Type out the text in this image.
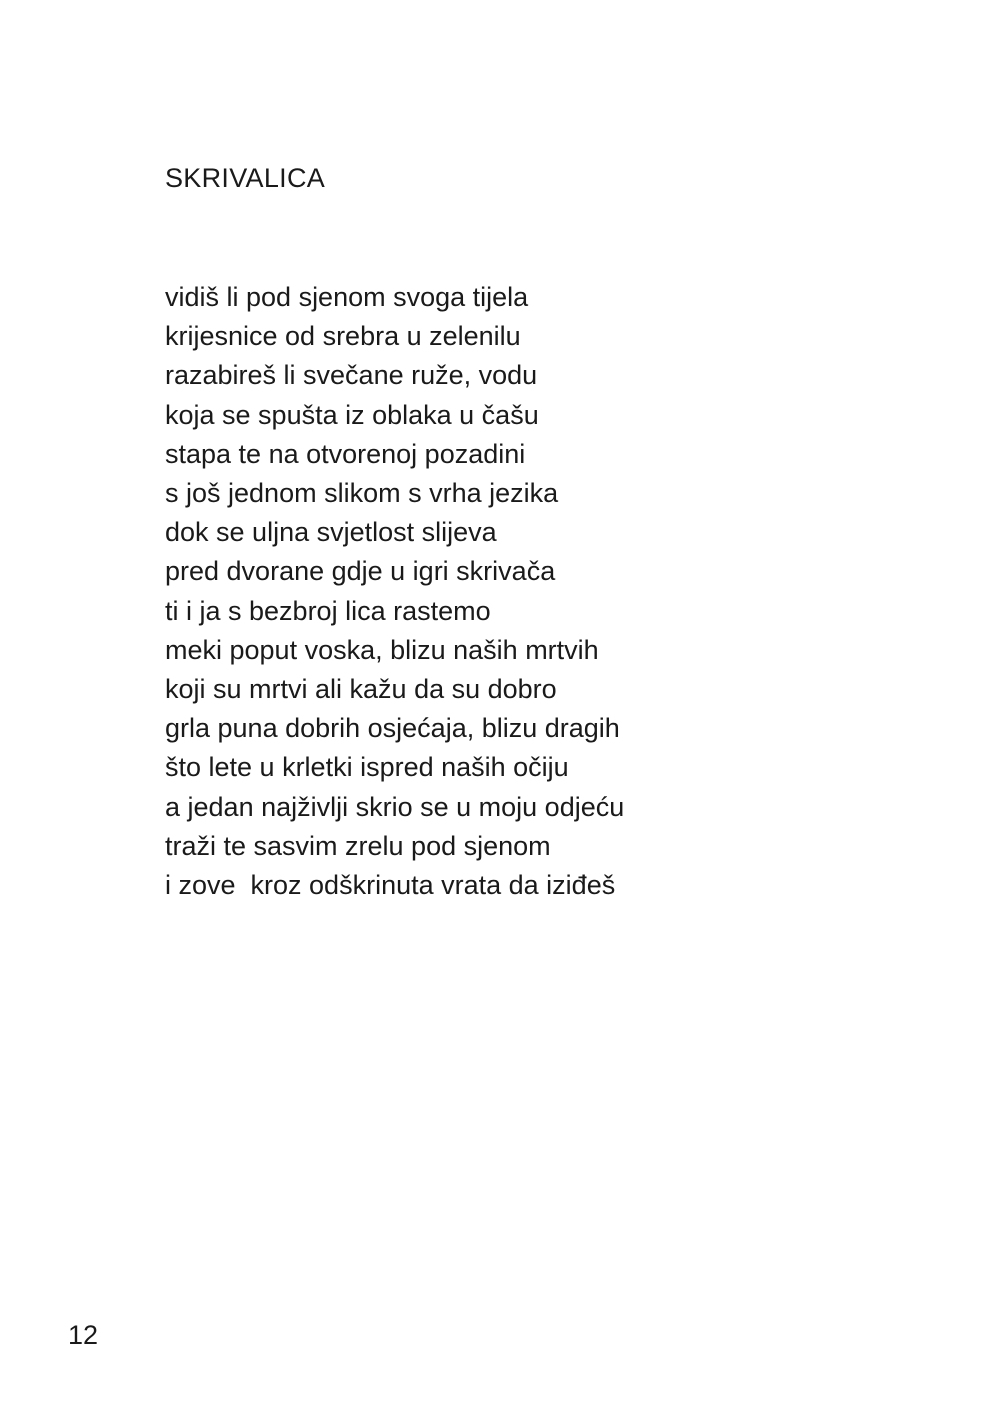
SKRIVALICA
vidiš li pod sjenom svoga tijela
krijesnice od srebra u zelenilu
razabireš li svečane ruže, vodu
koja se spušta iz oblaka u čašu
stapa te na otvorenoj pozadini
s još jednom slikom s vrha jezika
dok se uljna svjetlost slijeva
pred dvorane gdje u igri skrivača
ti i ja s bezbroj lica rastemo
meki poput voska, blizu naših mrtvih
koji su mrtvi ali kažu da su dobro
grla puna dobrih osjećaja, blizu dragih
što lete u krletki ispred naših očiju
a jedan najživlji skrio se u moju odjeću
traži te sasvim zrelu pod sjenom
i zove  kroz odškrinuta vrata da iziđeš
12
